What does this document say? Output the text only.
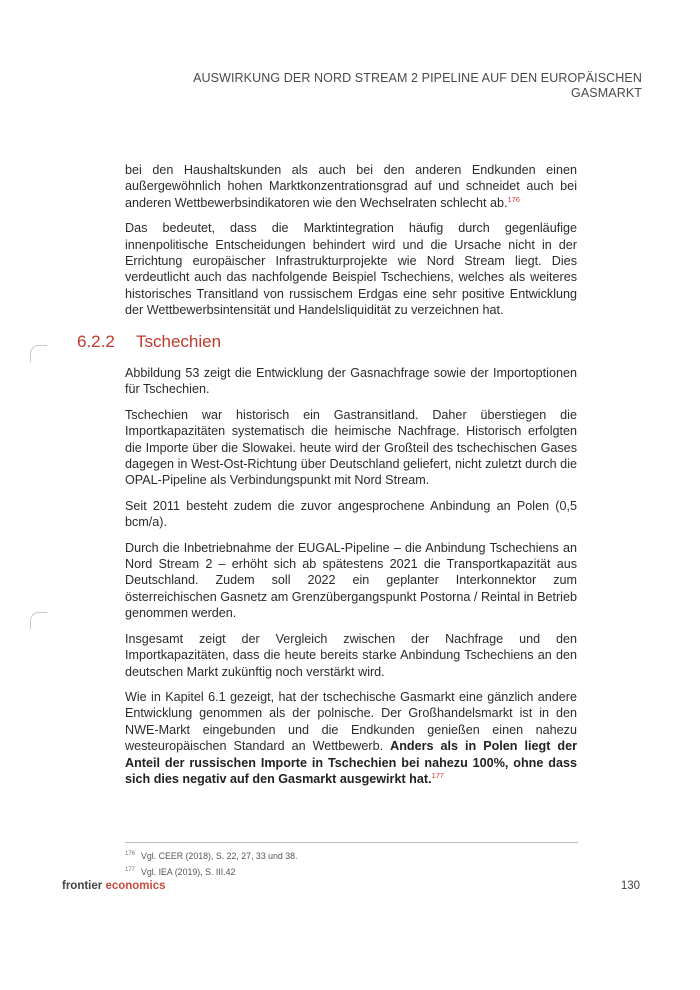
AUSWIRKUNG DER NORD STREAM 2 PIPELINE AUF DEN EUROPÄISCHEN
GASMARKT

bei den Haushaltskunden als auch bei den anderen Endkunden einen außergewöhnlich hohen Marktkonzentrationsgrad auf und schneidet auch bei anderen Wettbewerbsindikatoren wie den Wechselraten schlecht ab.$^{176}$

Das bedeutet, dass die Marktintegration häufig durch gegenläufige innenpolitische Entscheidungen behindert wird und die Ursache nicht in der Errichtung europäischer Infrastrukturprojekte wie Nord Stream liegt. Dies verdeutlicht auch das nachfolgende Beispiel Tschechiens, welches als weiteres historisches Transitland von russischem Erdgas eine sehr positive Entwicklung der Wettbewerbsintensität und Handelsliquidität zu verzeichnen hat.

6.2.2 Tschechien

Abbildung 53 zeigt die Entwicklung der Gasnachfrage sowie der Importoptionen für Tschechien.

Tschechien war historisch ein Gastransitland. Daher überstiegen die Importkapazitäten systematisch die heimische Nachfrage. Historisch erfolgten die Importe über die Slowakei. heute wird der Großteil des tschechischen Gases dagegen in West-Ost-Richtung über Deutschland geliefert, nicht zuletzt durch die OPAL-Pipeline als Verbindungspunkt mit Nord Stream.

Seit 2011 besteht zudem die zuvor angesprochene Anbindung an Polen (0,5 bcm/a).

Durch die Inbetriebnahme der EUGAL-Pipeline – die Anbindung Tschechiens an Nord Stream 2 – erhöht sich ab spätestens 2021 die Transportkapazität aus Deutschland. Zudem soll 2022 ein geplanter Interkonnektor zum österreichischen Gasnetz am Grenzübergangspunkt Postorna / Reintal in Betrieb genommen werden.

Insgesamt zeigt der Vergleich zwischen der Nachfrage und den Importkapazitäten, dass die heute bereits starke Anbindung Tschechiens an den deutschen Markt zukünftig noch verstärkt wird.

Wie in Kapitel 6.1 gezeigt, hat der tschechische Gasmarkt eine gänzlich andere Entwicklung genommen als der polnische. Der Großhandelsmarkt ist in den NWE-Markt eingebunden und die Endkunden genießen einen nahezu westeuropäischen Standard an Wettbewerb. Anders als in Polen liegt der Anteil der russischen Importe in Tschechien bei nahezu 100%, ohne dass sich dies negativ auf den Gasmarkt ausgewirkt hat.$^{177}$

$^{176}$ Vgl. CEER (2018), S. 22, 27, 33 und 38.
$^{177}$ Vgl. IEA (2019), S. III.42
frontier economics	130
